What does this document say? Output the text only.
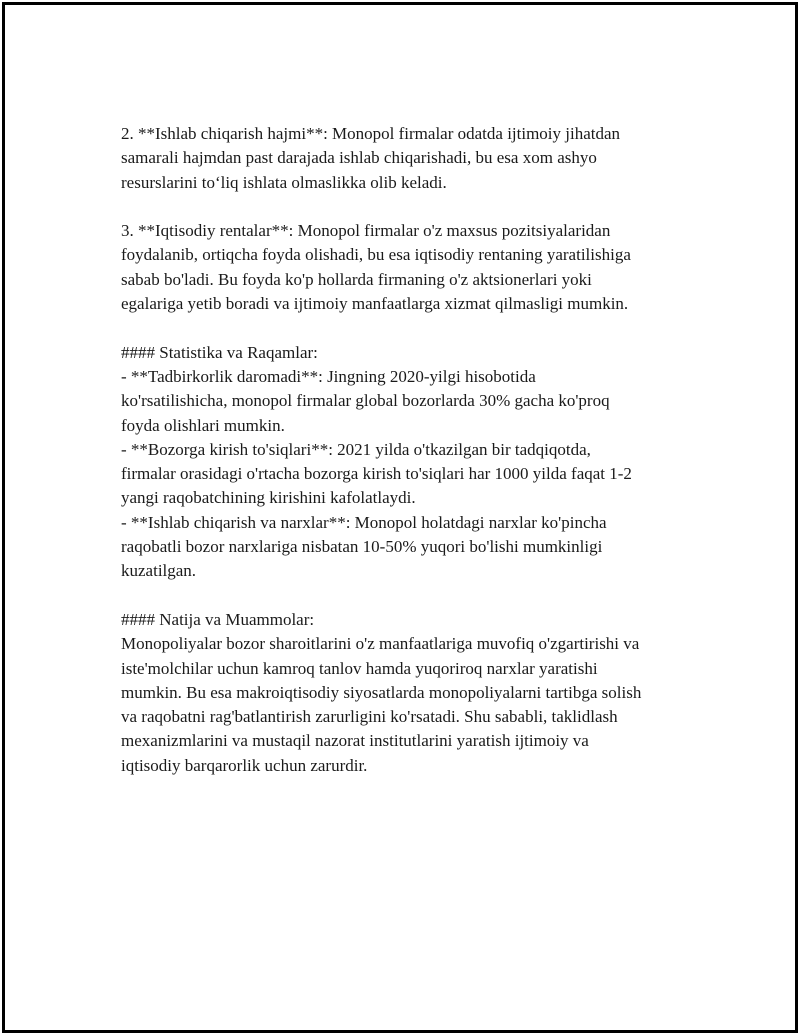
2. **Ishlab chiqarish hajmi**: Monopol firmalar odatda ijtimoiy jihatdan
samarali hajmdan past darajada ishlab chiqarishadi, bu esa xom ashyo
resurslarini to‘liq ishlata olmaslikka olib keladi.

3. **Iqtisodiy rentalar**: Monopol firmalar o'z maxsus pozitsiyalaridan
foydalanib, ortiqcha foyda olishadi, bu esa iqtisodiy rentaning yaratilishiga
sabab bo'ladi. Bu foyda ko'p hollarda firmaning o'z aktsionerlari yoki
egalariga yetib boradi va ijtimoiy manfaatlarga xizmat qilmasligi mumkin.

#### Statistika va Raqamlar:
- **Tadbirkorlik daromadi**: Jingning 2020-yilgi hisobotida
ko'rsatilishicha, monopol firmalar global bozorlarda 30% gacha ko'proq
foyda olishlari mumkin.
- **Bozorga kirish to'siqlari**: 2021 yilda o'tkazilgan bir tadqiqotda,
firmalar orasidagi o'rtacha bozorga kirish to'siqlari har 1000 yilda faqat 1-2
yangi raqobatchining kirishini kafolatlaydi.
- **Ishlab chiqarish va narxlar**: Monopol holatdagi narxlar ko'pincha
raqobatli bozor narxlariga nisbatan 10-50% yuqori bo'lishi mumkinligi
kuzatilgan.

#### Natija va Muammolar:
Monopoliyalar bozor sharoitlarini o'z manfaatlariga muvofiq o'zgartirishi va
iste'molchilar uchun kamroq tanlov hamda yuqoriroq narxlar yaratishi
mumkin. Bu esa makroiqtisodiy siyosatlarda monopoliyalarni tartibga solish
va raqobatni rag'batlantirish zarurligini ko'rsatadi. Shu sababli, taklidlash
mexanizmlarini va mustaqil nazorat institutlarini yaratish ijtimoiy va
iqtisodiy barqarorlik uchun zarurdir.
